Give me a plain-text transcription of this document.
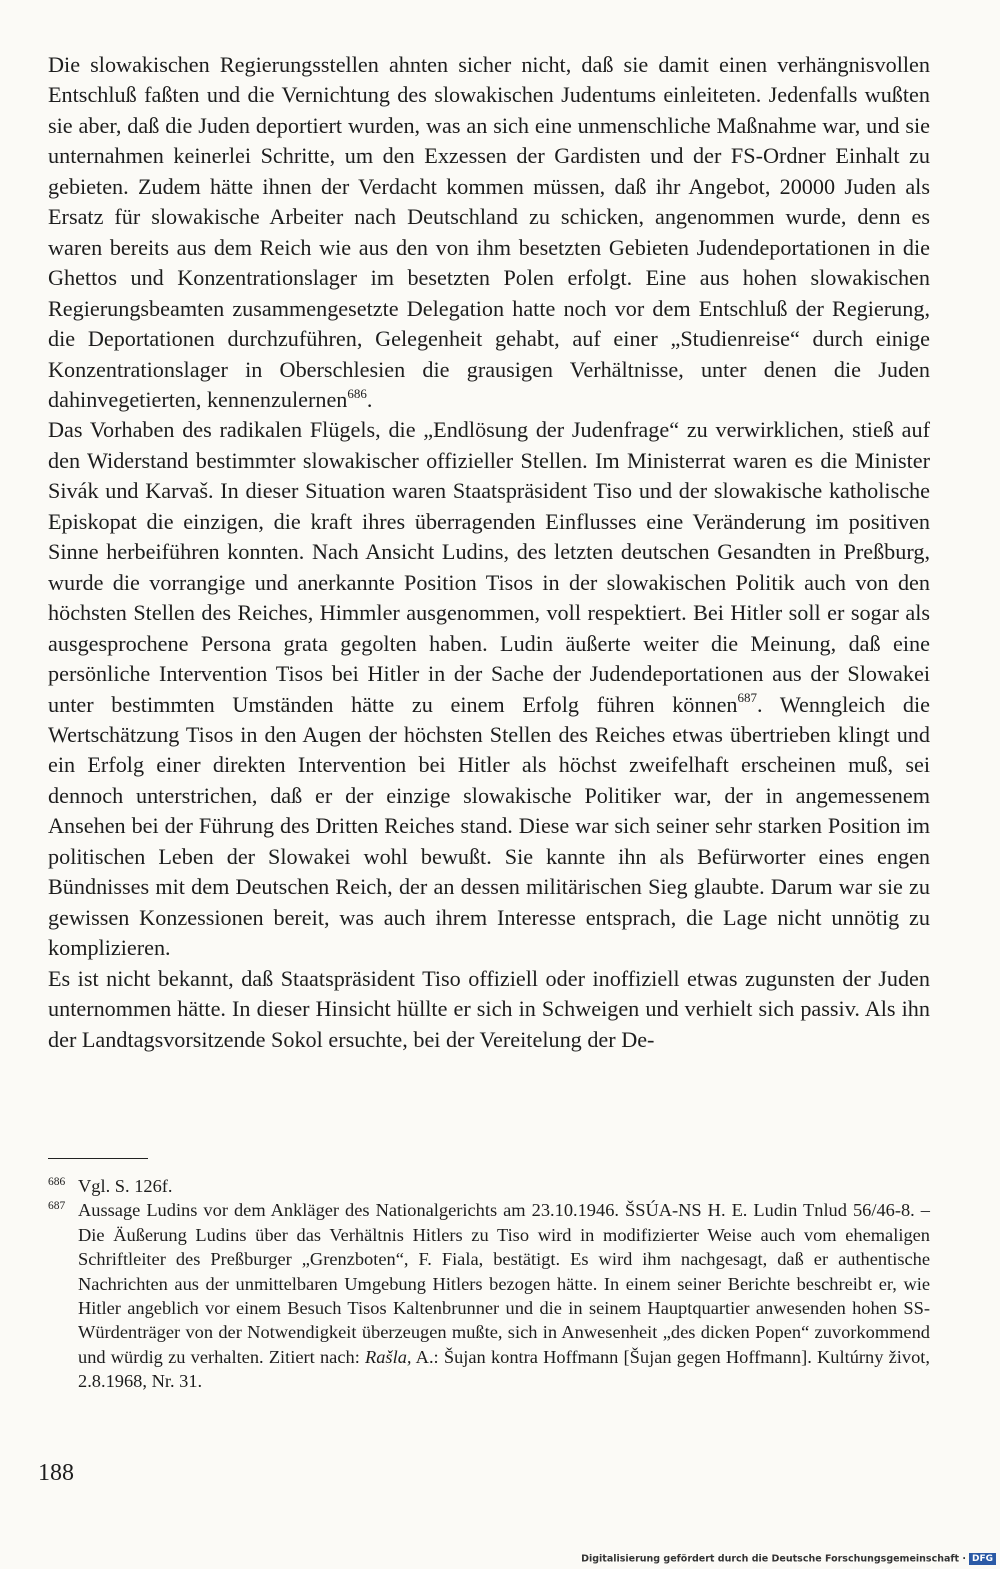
Die slowakischen Regierungsstellen ahnten sicher nicht, daß sie damit einen verhängnisvollen Entschluß faßten und die Vernichtung des slowakischen Judentums einleiteten. Jedenfalls wußten sie aber, daß die Juden deportiert wurden, was an sich eine unmenschliche Maßnahme war, und sie unternahmen keinerlei Schritte, um den Exzessen der Gardisten und der FS-Ordner Einhalt zu gebieten. Zudem hätte ihnen der Verdacht kommen müssen, daß ihr Angebot, 20000 Juden als Ersatz für slowakische Arbeiter nach Deutschland zu schicken, angenommen wurde, denn es waren bereits aus dem Reich wie aus den von ihm besetzten Gebieten Judendeportationen in die Ghettos und Konzentrationslager im besetzten Polen erfolgt. Eine aus hohen slowakischen Regierungsbeamten zusammengesetzte Delegation hatte noch vor dem Entschluß der Regierung, die Deportationen durchzuführen, Gelegenheit gehabt, auf einer „Studienreise“ durch einige Konzentrationslager in Oberschlesien die grausigen Verhältnisse, unter denen die Juden dahinvegetierten, kennenzulernen$^{686}$.

Das Vorhaben des radikalen Flügels, die „Endlösung der Judenfrage“ zu verwirklichen, stieß auf den Widerstand bestimmter slowakischer offizieller Stellen. Im Ministerrat waren es die Minister Sivák und Karvaš. In dieser Situation waren Staatspräsident Tiso und der slowakische katholische Episkopat die einzigen, die kraft ihres überragenden Einflusses eine Veränderung im positiven Sinne herbeiführen konnten. Nach Ansicht Ludins, des letzten deutschen Gesandten in Preßburg, wurde die vorrangige und anerkannte Position Tisos in der slowakischen Politik auch von den höchsten Stellen des Reiches, Himmler ausgenommen, voll respektiert. Bei Hitler soll er sogar als ausgesprochene Persona grata gegolten haben. Ludin äußerte weiter die Meinung, daß eine persönliche Intervention Tisos bei Hitler in der Sache der Judendeportationen aus der Slowakei unter bestimmten Umständen hätte zu einem Erfolg führen können$^{687}$. Wenngleich die Wertschätzung Tisos in den Augen der höchsten Stellen des Reiches etwas übertrieben klingt und ein Erfolg einer direkten Intervention bei Hitler als höchst zweifelhaft erscheinen muß, sei dennoch unterstrichen, daß er der einzige slowakische Politiker war, der in angemessenem Ansehen bei der Führung des Dritten Reiches stand. Diese war sich seiner sehr starken Position im politischen Leben der Slowakei wohl bewußt. Sie kannte ihn als Befürworter eines engen Bündnisses mit dem Deutschen Reich, der an dessen militärischen Sieg glaubte. Darum war sie zu gewissen Konzessionen bereit, was auch ihrem Interesse entsprach, die Lage nicht unnötig zu komplizieren.

Es ist nicht bekannt, daß Staatspräsident Tiso offiziell oder inoffiziell etwas zugunsten der Juden unternommen hätte. In dieser Hinsicht hüllte er sich in Schweigen und verhielt sich passiv. Als ihn der Landtagsvorsitzende Sokol ersuchte, bei der Vereitelung der De-

686 Vgl. S. 126f.

687 Aussage Ludins vor dem Ankläger des Nationalgerichts am 23.10.1946. ŠSÚA-NS H. E. Ludin Tnlud 56/46-8. – Die Äußerung Ludins über das Verhältnis Hitlers zu Tiso wird in modifizierter Weise auch vom ehemaligen Schriftleiter des Preßburger „Grenzboten“, F. Fiala, bestätigt. Es wird ihm nachgesagt, daß er authentische Nachrichten aus der unmittelbaren Umgebung Hitlers bezogen hätte. In einem seiner Berichte beschreibt er, wie Hitler angeblich vor einem Besuch Tisos Kaltenbrunner und die in seinem Hauptquartier anwesenden hohen SS-Würdenträger von der Notwendigkeit überzeugen mußte, sich in Anwesenheit „des dicken Popen“ zuvorkommend und würdig zu verhalten. Zitiert nach: Rašla, A.: Šujan kontra Hoffmann [Šujan gegen Hoffmann]. Kultúrny život, 2.8.1968, Nr. 31.

188
Digitalisierung gefördert durch die Deutsche Forschungsgemeinschaft · DFG
